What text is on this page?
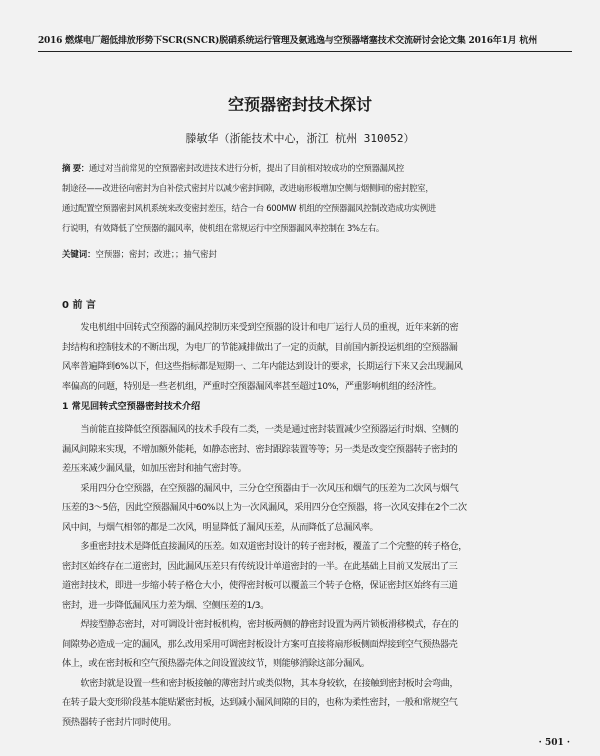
2016 燃煤电厂超低排放形势下SCR(SNCR)脱硝系统运行管理及氨逃逸与空预器堵塞技术交流研讨会论文集 2016年1月 杭州
空预器密封技术探讨
滕敏华（浙能技术中心，浙江 杭州 310052）
摘 要：通过对当前常见的空预器密封改进技术进行分析，提出了目前相对较成功的空预器漏风控
制途径——改进径向密封为自补偿式密封片以减少密封间隙，改进扇形板增加空侧与烟侧间的密封腔室，
通过配置空预器密封风机系统来改变密封差压，结合一台 600MW 机组的空预器漏风控制改造成功实例进
行说明，有效降低了空预器的漏风率，使机组在常规运行中空预器漏风率控制在 3%左右。
关键词：空预器；密封；改进；；抽气密封
0 前 言
发电机组中回转式空预器的漏风控制历来受到空预器的设计和电厂运行人员的重视，近年来新的密
封结构和控制技术的不断出现，为电厂的节能减排做出了一定的贡献，目前国内新投运机组的空预器漏
风率普遍降到6%以下，但这些指标都是短期一、二年内能达到设计的要求，长期运行下来又会出现漏风
率偏高的问题，特别是一些老机组，严重时空预器漏风率甚至超过10%，严重影响机组的经济性。
1 常见回转式空预器密封技术介绍
当前能直接降低空预器漏风的技术手段有二类，一类是通过密封装置减少空预器运行时烟、空侧的
漏风间隙来实现，不增加额外能耗，如静态密封、密封跟踪装置等等；另一类是改变空预器转子密封的
差压来减少漏风量，如加压密封和抽气密封等。
采用四分仓空预器，在空预器的漏风中，三分仓空预器由于一次风压和烟气的压差为二次风与烟气
压差的3～5倍，因此空预器漏风中60%以上为一次风漏风，采用四分仓空预器，将一次风安排在2个二次
风中间，与烟气相邻的都是二次风，明显降低了漏风压差，从而降低了总漏风率。
多重密封技术是降低直接漏风的压差。如双道密封设计的转子密封板，覆盖了二个完整的转子格仓，
密封区始终存在二道密封，因此漏风压差只有传统设计单道密封的一半。在此基础上目前又发展出了三
道密封技术，即进一步缩小转子格仓大小，使得密封板可以覆盖三个转子仓格，保证密封区始终有三道
密封，进一步降低漏风压力差为烟、空侧压差的1/3。
焊接型静态密封，对可调设计密封板机构，密封板两侧的静密封设置为两片锁板滑移模式，存在的
间隙势必造成一定的漏风，那么改用采用可调密封板设计方案可直接将扇形板侧面焊接到空气预热器壳
体上，或在密封板和空气预热器壳体之间设置波纹节，则能够消除这部分漏风。
软密封就是设置一些和密封板接触的薄密封片或类似物，其本身较软，在接触到密封板时会弯曲，
在转子最大变形阶段基本能贴紧密封板，达到减小漏风间隙的目的，也称为柔性密封，一般和常规空气
预热器转子密封片同时使用。
· 501 ·
